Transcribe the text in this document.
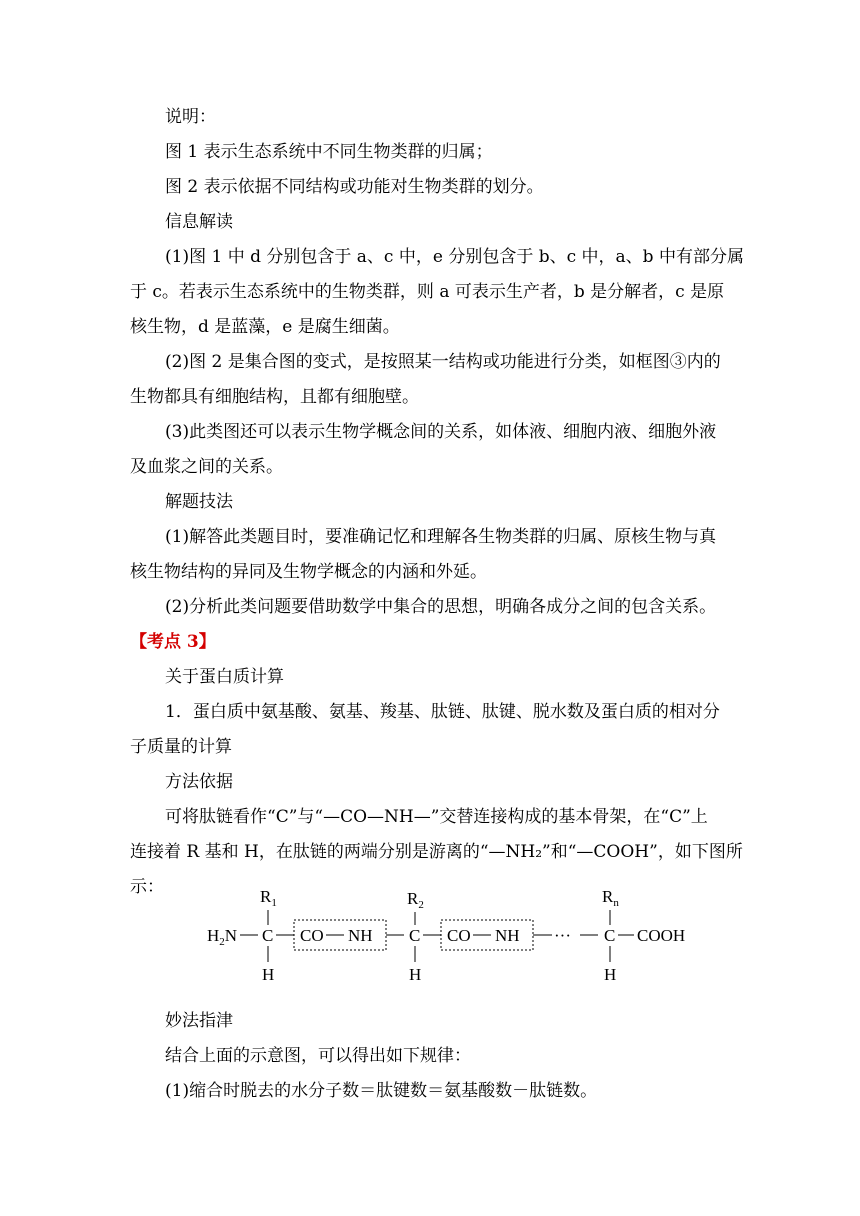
说明：
图 1 表示生态系统中不同生物类群的归属；
图 2 表示依据不同结构或功能对生物类群的划分。
信息解读
(1)图 1 中 d 分别包含于 a、c 中，e 分别包含于 b、c 中，a、b 中有部分属
于 c。若表示生态系统中的生物类群，则 a 可表示生产者，b 是分解者，c 是原
核生物，d 是蓝藻，e 是腐生细菌。
(2)图 2 是集合图的变式，是按照某一结构或功能进行分类，如框图③内的
生物都具有细胞结构，且都有细胞壁。
(3)此类图还可以表示生物学概念间的关系，如体液、细胞内液、细胞外液
及血浆之间的关系。
解题技法
(1)解答此类题目时，要准确记忆和理解各生物类群的归属、原核生物与真
核生物结构的异同及生物学概念的内涵和外延。
(2)分析此类问题要借助数学中集合的思想，明确各成分之间的包含关系。
【考点 3】
关于蛋白质计算
1．蛋白质中氨基酸、氨基、羧基、肽链、肽键、脱水数及蛋白质的相对分
子质量的计算
方法依据
可将肽链看作“C”与“—CO—NH—”交替连接构成的基本骨架，在“C”上
连接着 R 基和 H，在肽链的两端分别是游离的“—NH₂”和“—COOH”，如下图所
示：
妙法指津
结合上面的示意图，可以得出如下规律：
(1)缩合时脱去的水分子数＝肽键数＝氨基酸数－肽链数。
$R_1$	$R_2$	$R_n$
$H_2N$ C CO NH C CO NH ··· C COOH
H	H	H
